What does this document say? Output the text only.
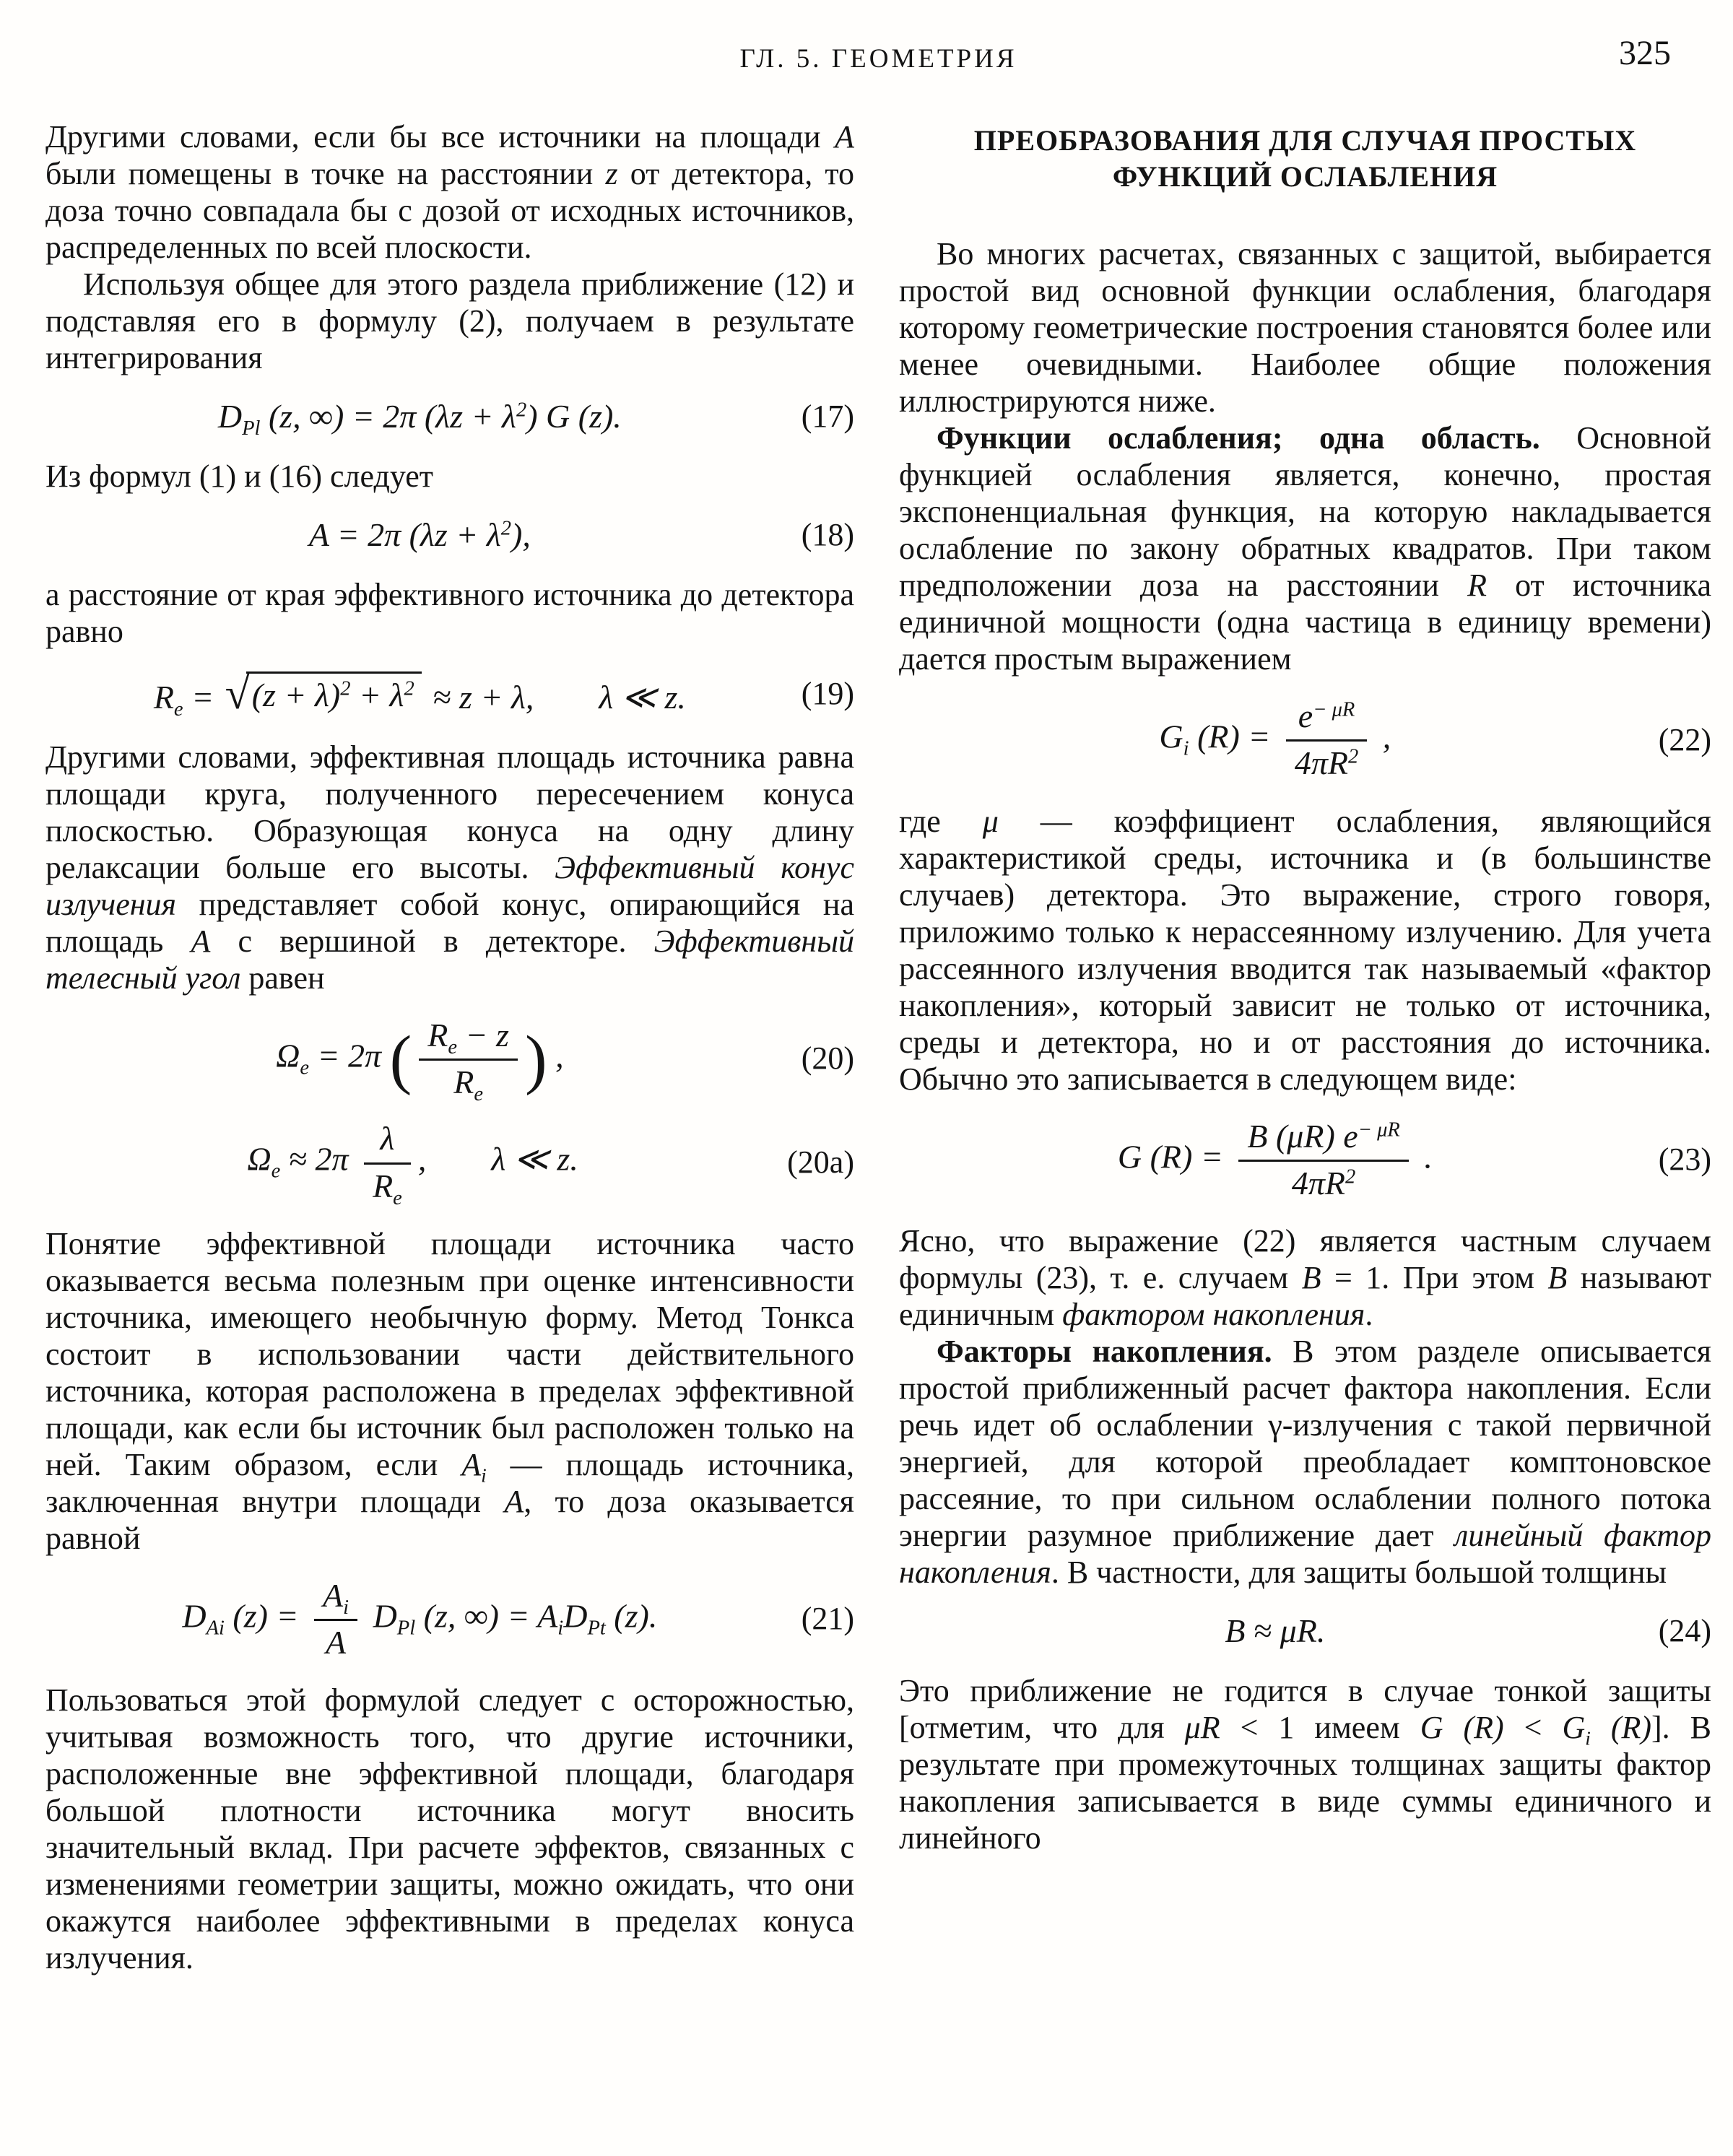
ГЛ. 5. ГЕОМЕТРИЯ	325

Другими словами, если бы все источники на площади A были помещены в точке на расстоянии z от детектора, то доза точно совпадала бы с дозой от исходных источников, распределенных по всей плоскости.

Используя общее для этого раздела приближение (12) и подставляя его в формулу (2), получаем в результате интегрирования

$D_{Pl}$ (z, ∞) = 2π $(\lambda z + \lambda^2)$ G (z).	(17)

Из формул (1) и (16) следует

A = 2π $(\lambda z + \lambda^2)$,	(18)

а расстояние от края эффективного источника до детектора равно

$R_e$ = √ $(z + \lambda)^2 + \lambda^2 \approx z + \lambda$, λ ≪ z.	(19)

Другими словами, эффективная площадь источника равна площади круга, полученного пересечением конуса плоскостью. Образующая конуса на одну длину релаксации больше его высоты. Эффективный конус излучения представляет собой конус, опирающийся на площадь A с вершиной в детекторе. Эффективный телесный угол равен

$\Omega_e = 2\pi$ ( $\frac{R_e - z}{R_e}$ ) ,	(20)
$\Omega_e \approx 2\pi \frac{\lambda}{R_e}$ , λ ≪ z.	(20a)

Понятие эффективной площади источника часто оказывается весьма полезным при оценке интенсивности источника, имеющего необычную форму. Метод Тонкса состоит в использовании части действительного источника, которая расположена в пределах эффективной площади, как если бы источник был расположен только на ней. Таким образом, если $A_i$ — площадь источника, заключенная внутри площади A, то доза оказывается равной

$D_{Ai}$ $(z) = \frac{A_i}{A} D_{Pl}$ (z, ∞) = $A_iD_{Pt}$ (z).	(21)

Пользоваться этой формулой следует с осторожностью, учитывая возможность того, что другие источники, расположенные вне эффективной площади, благодаря большой плотности источника могут вносить значительный вклад. При расчете эффектов, связанных с изменениями геометрии защиты, можно ожидать, что они окажутся наиболее эффективными в пределах конуса излучения.

ПРЕОБРАЗОВАНИЯ ДЛЯ СЛУЧАЯ ПРОСТЫХ ФУНКЦИЙ ОСЛАБЛЕНИЯ

Во многих расчетах, связанных с защитой, выбирается простой вид основной функции ослабления, благодаря которому геометрические построения становятся более или менее очевидными. Наиболее общие положения иллюстрируются ниже.

Функции ослабления; одна область. Основной функцией ослабления является, конечно, простая экспоненциальная функция, на которую накладывается ослабление по закону обратных квадратов. При таком предположении доза на расстоянии R от источника единичной мощности (одна частица в единицу времени) дается простым выражением

$G_i$ $(R) = \frac{e^{- \mu R}}{4\pi R^2}$ ,	(22)

где μ — коэффициент ослабления, являющийся характеристикой среды, источника и (в большинстве случаев) детектора. Это выражение, строго говоря, приложимо только к нерассеянному излучению. Для учета рассеянного излучения вводится так называемый «фактор накопления», который зависит не только от источника, среды и детектора, но и от расстояния до источника. Обычно это записывается в следующем виде:

G $(R) = \frac{B (\mu R) e^{- \mu R}}{4\pi R^2}$ .	(23)

Ясно, что выражение (22) является частным случаем формулы (23), т. е. случаем B = 1. При этом B называют единичным фактором накопления.

Факторы накопления. В этом разделе описывается простой приближенный расчет фактора накопления. Если речь идет об ослаблении γ-излучения с такой первичной энергией, для которой преобладает комптоновское рассеяние, то при сильном ослаблении полного потока энергии разумное приближение дает линейный фактор накопления. В частности, для защиты большой толщины

B ≈ μR.	(24)

Это приближение не годится в случае тонкой защиты [отметим, что для μR < 1 имеем G $(R) < G_i$ (R)]. В результате при промежуточных толщинах защиты фактор накопления записывается в виде суммы единичного и линейного
